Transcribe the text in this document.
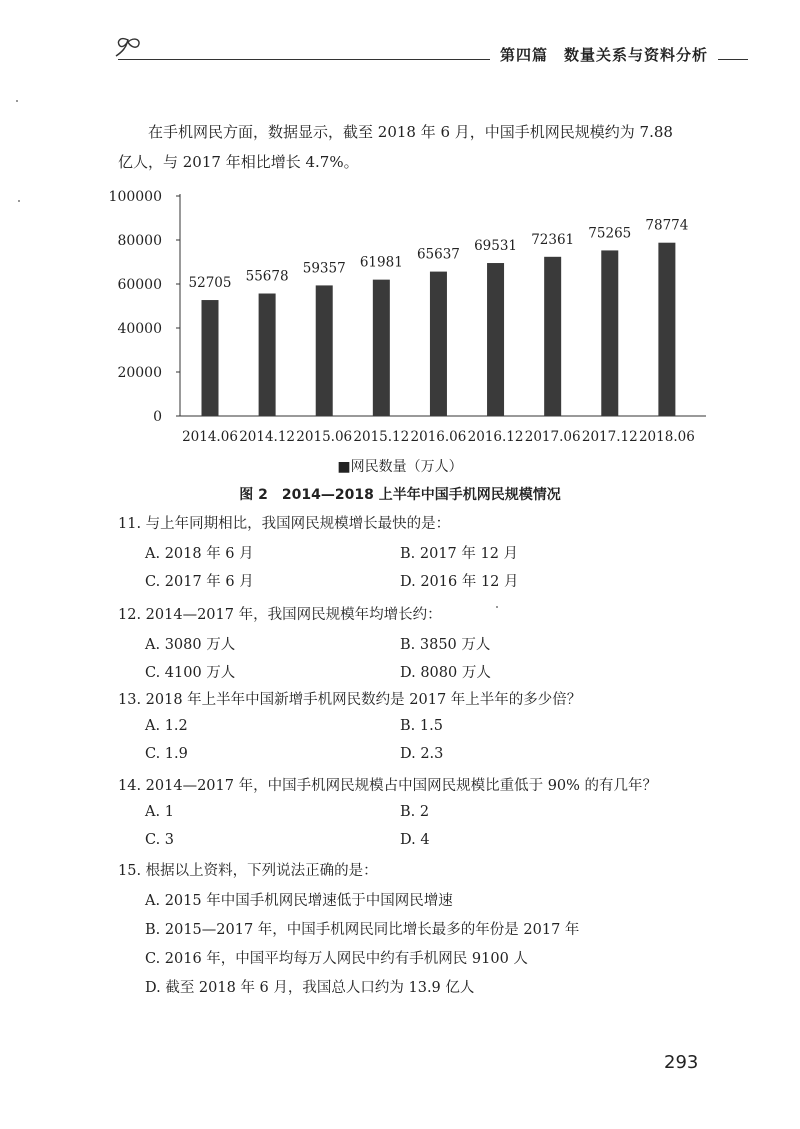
第四篇　数量关系与资料分析
在手机网民方面，数据显示，截至 2018 年 6 月，中国手机网民规模约为 7.88 亿人，与 2017 年相比增长 4.7%。
0
20000
40000
60000
80000
100000
52705
2014.06
55678
2014.12
59357
2015.06
61981
2015.12
65637
2016.06
69531
2016.12
72361
2017.06
75265
2017.12
78774
2018.06
■网民数量（万人）
图 2　2014—2018 上半年中国手机网民规模情况
11. 与上年同期相比，我国网民规模增长最快的是：
A. 2018 年 6 月	B. 2017 年 12 月
C. 2017 年 6 月	D. 2016 年 12 月
12. 2014—2017 年，我国网民规模年均增长约：
A. 3080 万人	B. 3850 万人
C. 4100 万人	D. 8080 万人
13. 2018 年上半年中国新增手机网民数约是 2017 年上半年的多少倍？
A. 1.2	B. 1.5
C. 1.9	D. 2.3
14. 2014—2017 年，中国手机网民规模占中国网民规模比重低于 90% 的有几年？
A. 1	B. 2
C. 3	D. 4
15. 根据以上资料，下列说法正确的是：
A. 2015 年中国手机网民增速低于中国网民增速
B. 2015—2017 年，中国手机网民同比增长最多的年份是 2017 年
C. 2016 年，中国平均每万人网民中约有手机网民 9100 人
D. 截至 2018 年 6 月，我国总人口约为 13.9 亿人
293
